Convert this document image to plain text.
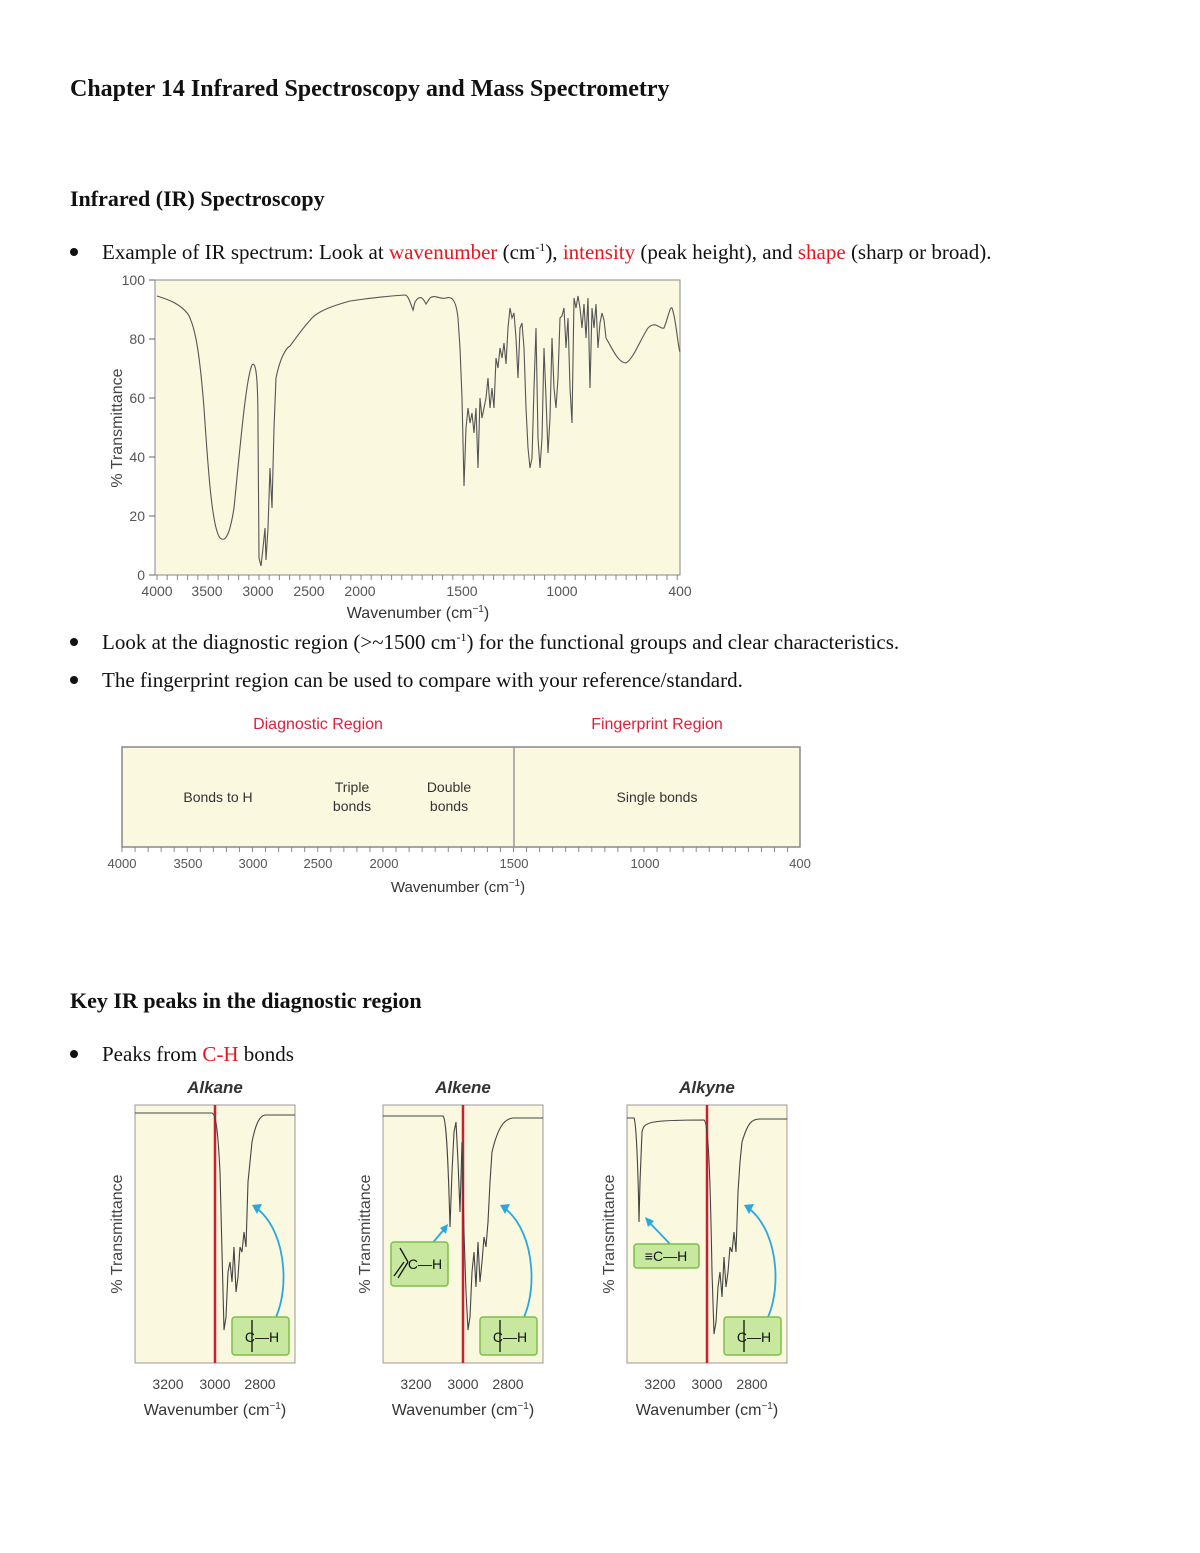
Chapter 14 Infrared Spectroscopy and Mass Spectrometry
Infrared (IR) Spectroscopy
Example of IR spectrum: Look at wavenumber $(cm^{-1})$, intensity (peak height), and shape (sharp or broad).
0
20
40
60
80
100
% Transmittance
4000 3500 3000 2500 2000	1500	1000	400
Wavenumber $(cm^{-1})$
Look at the diagnostic region (>~1500 $cm^{-1}$) for the functional groups and clear characteristics.
The fingerprint region can be used to compare with your reference/standard.
Diagnostic Region	Fingerprint Region
Bonds to H
Triple
bonds
Double
bonds
Single bonds
4000	3500	3000	2500	2000	1500	1000	400
Wavenumber $(cm^{-1})$
Key IR peaks in the diagnostic region
Peaks from C-H bonds
Alkane
% Transmittance
C—H
3200 3000 2800
Wavenumber $(cm^{-1})$
Alkene
% Transmittance C—H
C—H
3200 3000 2800
Wavenumber $(cm^{-1})$
Alkyne
% Transmittance ≡C—H
C—H
3200 3000 2800
Wavenumber $(cm^{-1})$
